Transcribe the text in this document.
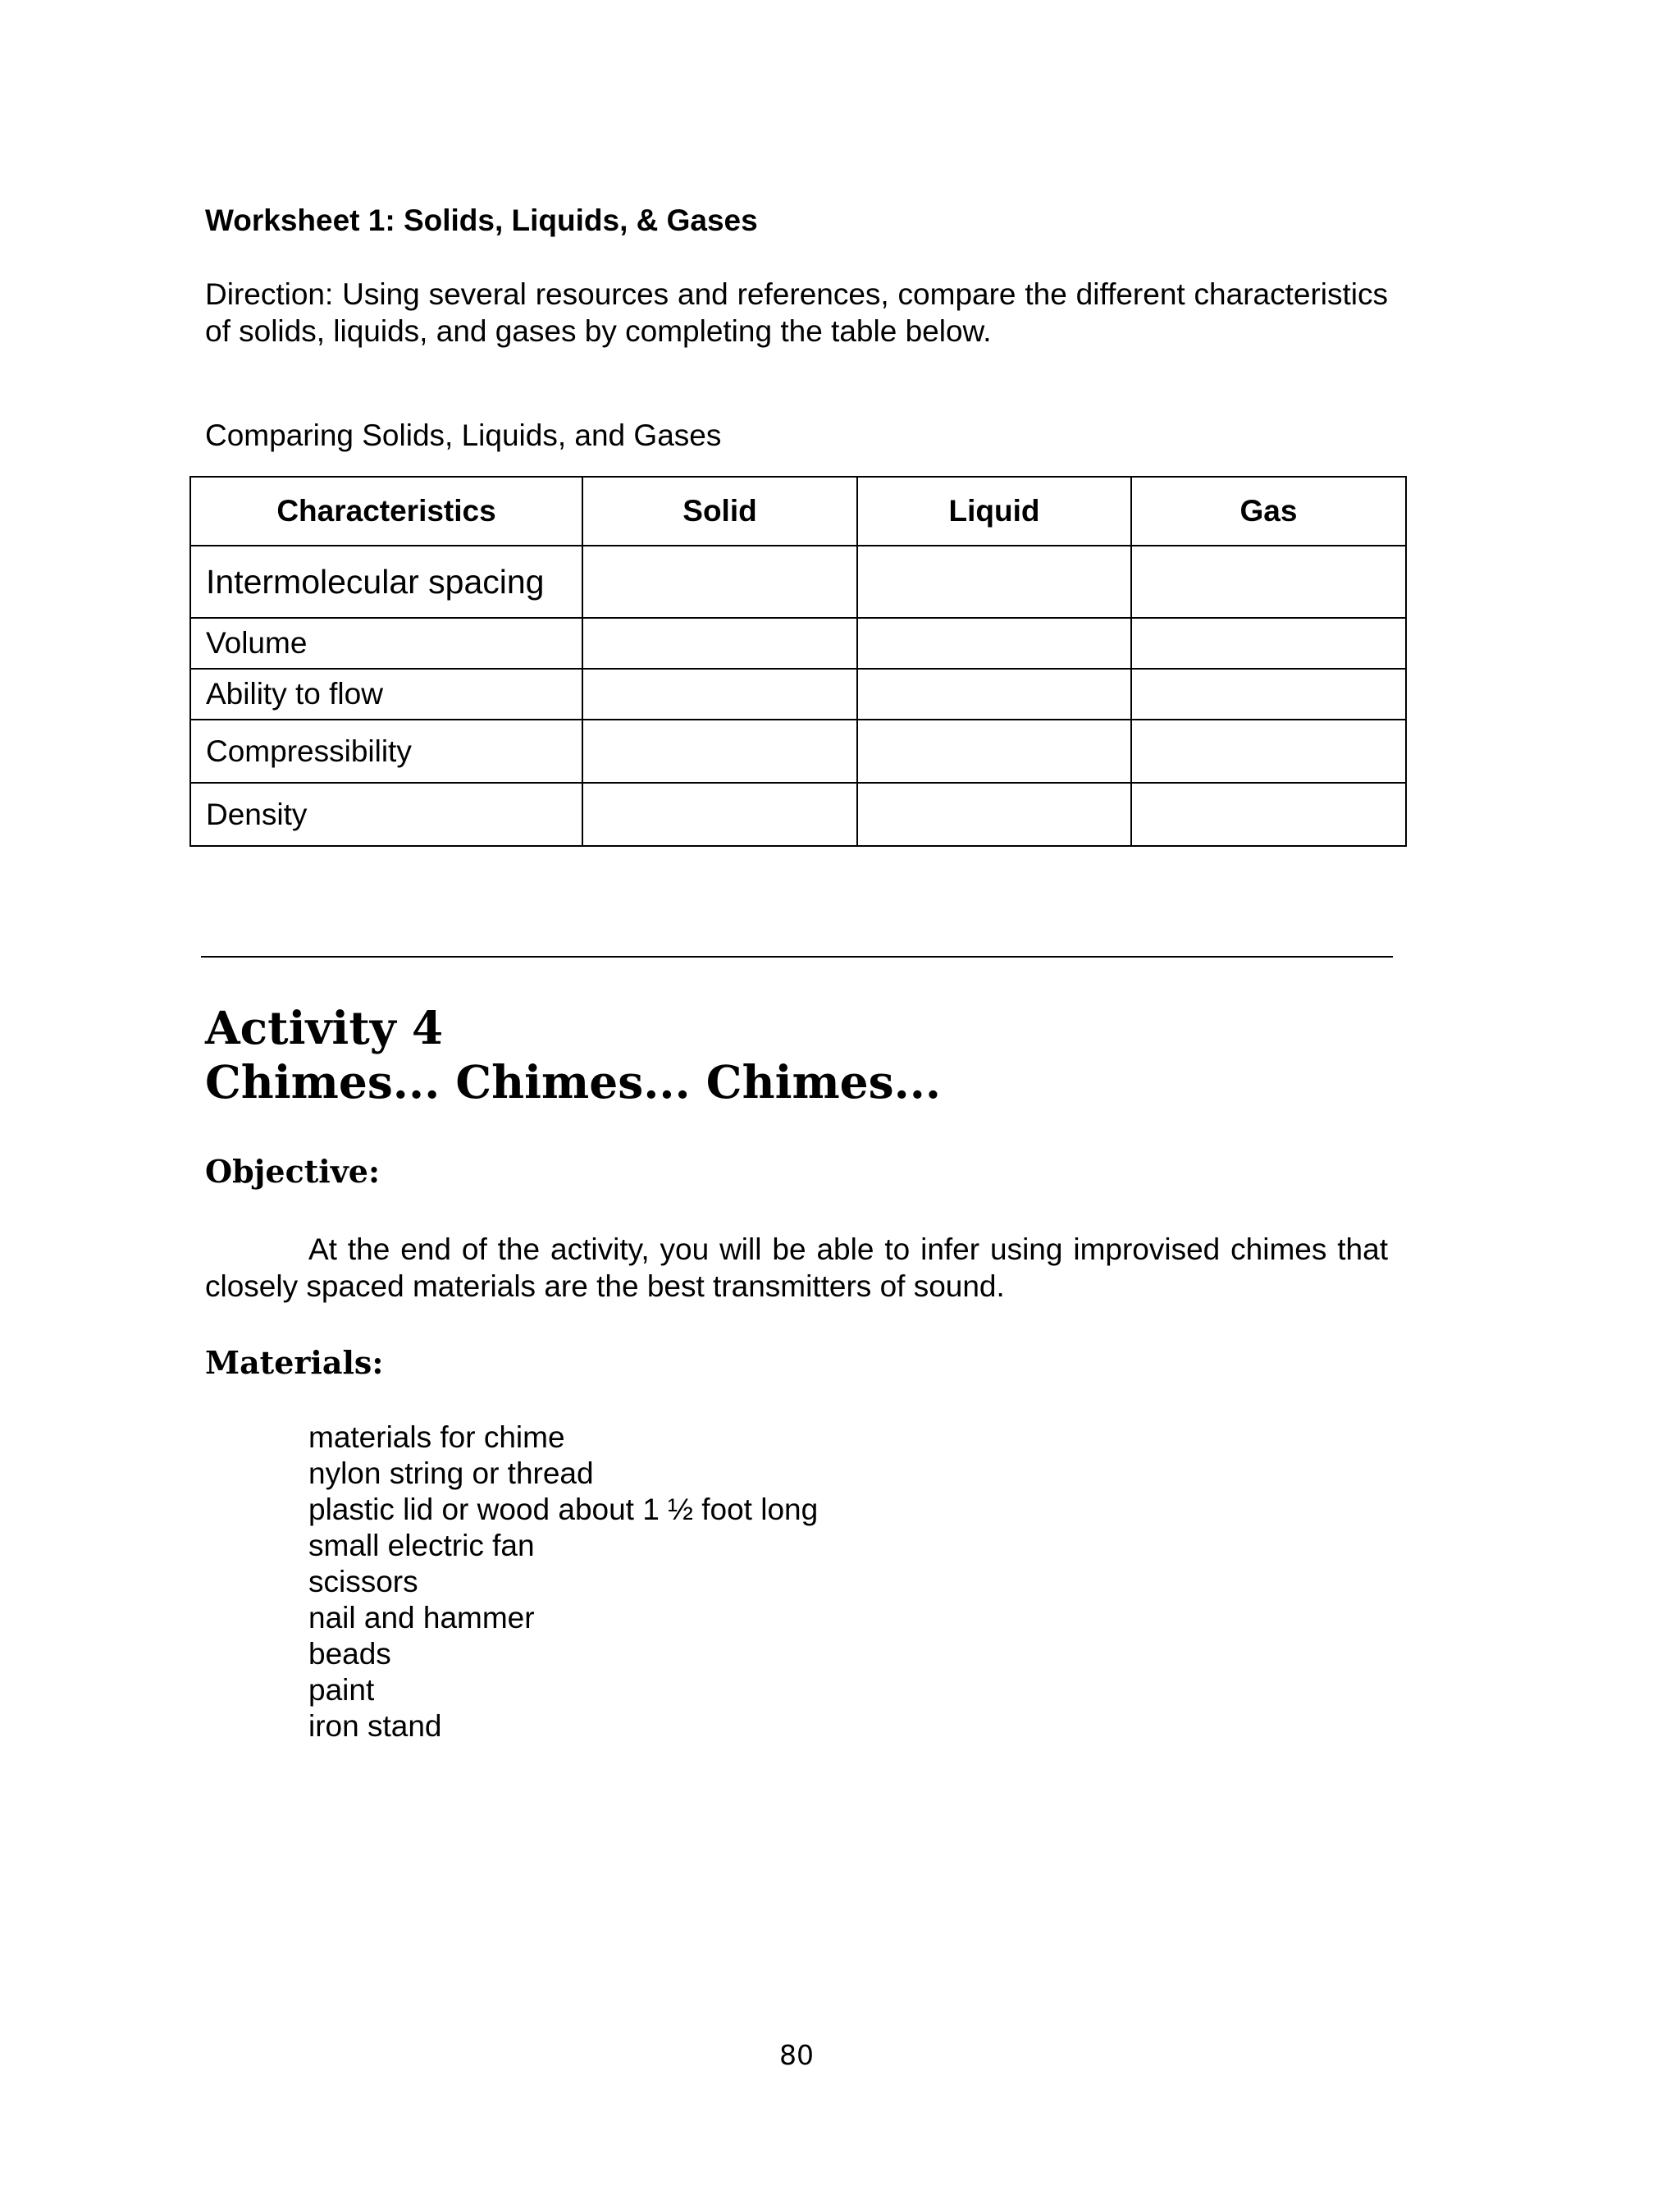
Worksheet 1: Solids, Liquids, & Gases
Direction: Using several resources and references, compare the different characteristics of solids, liquids, and gases by completing the table below.
Comparing Solids, Liquids, and Gases
Characteristics	Solid	Liquid	Gas
Intermolecular spacing			
Volume			
Ability to flow			
Compressibility			
Density			
Activity 4
Chimes... Chimes... Chimes...
Objective:
At the end of the activity, you will be able to infer using improvised chimes that closely spaced materials are the best transmitters of sound.
Materials:
materials for chime
nylon string or thread
plastic lid or wood about 1 ½ foot long
small electric fan
scissors
nail and hammer
beads
paint
iron stand
80
